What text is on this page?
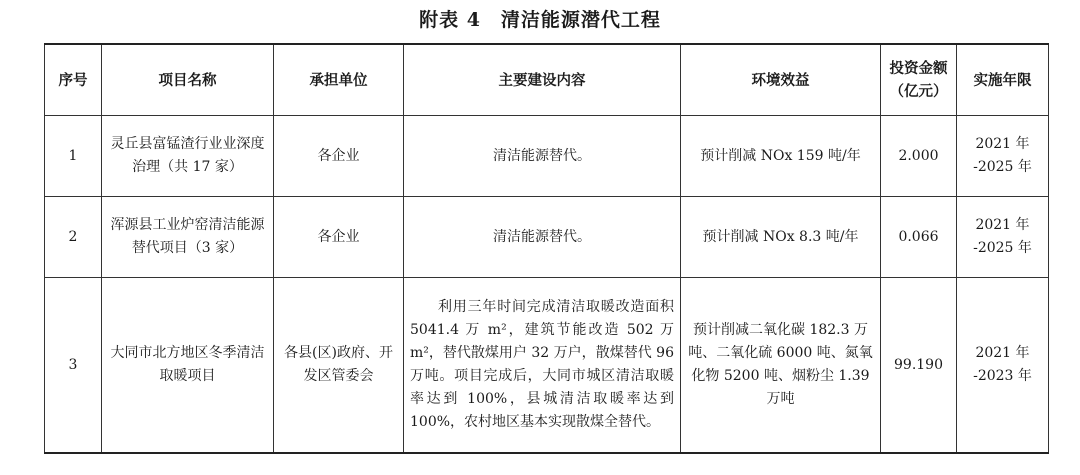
附表 4　清洁能源潜代工程
序号	项目名称	承担单位	主要建设内容	环境效益	投资金额（亿元）	实施年限
1	灵丘县富锰渣行业业深度治理（共 17 家）	各企业	清洁能源替代。	预计削减 NOx 159 吨/年	2.000	2021 年 -2025 年
2	浑源县工业炉窑清洁能源替代项目（3 家）	各企业	清洁能源替代。	预计削减 NOx 8.3 吨/年	0.066	2021 年 -2025 年
3	大同市北方地区冬季清洁取暖项目	各县(区)政府、开发区管委会	利用三年时间完成清洁取暖改造面积 5041.4 万 m²，建筑节能改造 502 万 m²，替代散煤用户 32 万户，散煤替代 96 万吨。项目完成后，大同市城区清洁取暖率达到 100%，县城清洁取暖率达到 100%，农村地区基本实现散煤全替代。	预计削减二氧化碳 182.3 万吨、二氧化硫 6000 吨、氮氧化物 5200 吨、烟粉尘 1.39 万吨	99.190	2021 年 -2023 年
